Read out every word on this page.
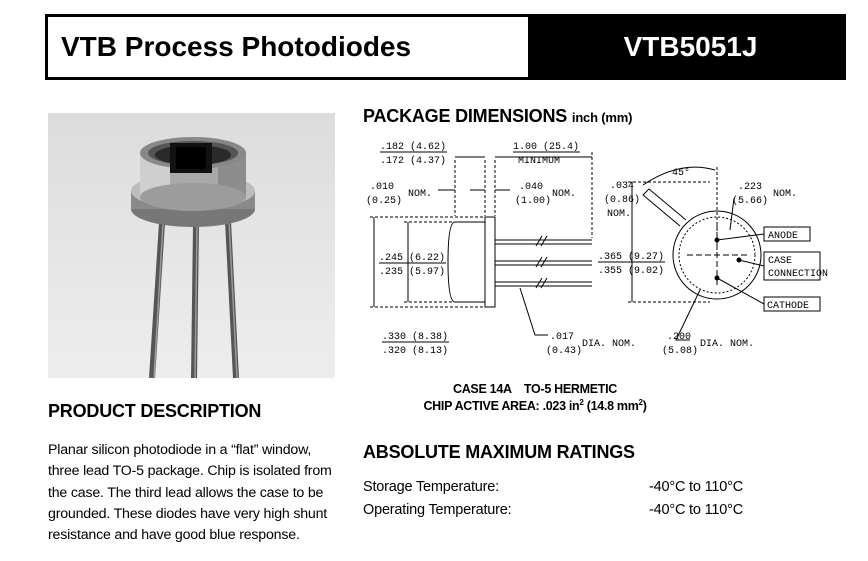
VTB Process Photodiodes	VTB5051J
PRODUCT DESCRIPTION
Planar silicon photodiode in a “flat” window,
three lead TO-5 package. Chip is isolated from
the case. The third lead allows the case to be
grounded. These diodes have very high shunt
resistance and have good blue response.
PACKAGE DIMENSIONS inch (mm)
.182 (4.62)
.172 (4.37)
1.00 (25.4)
MINIMUM
.010
(0.25)
NOM.
.040
(1.00)
NOM.
.245 (6.22)
.235 (5.97)
.330 (8.38)
.320 (8.13)
.017
(0.43)
DIA. NOM.
.365 (9.27)
.355 (9.02)
.034
(0.86)
NOM.
45°
.223
(5.66)
NOM.
.200
(5.08)
DIA. NOM.
ANODE
CASE
CONNECTION
CATHODE
CASE 14A    TO-5 HERMETIC
CHIP ACTIVE AREA: .023 $in^2$ (14.8 $mm^2$)
ABSOLUTE MAXIMUM RATINGS
Storage Temperature:	-40°C to 110°C
Operating Temperature:	-40°C to 110°C
